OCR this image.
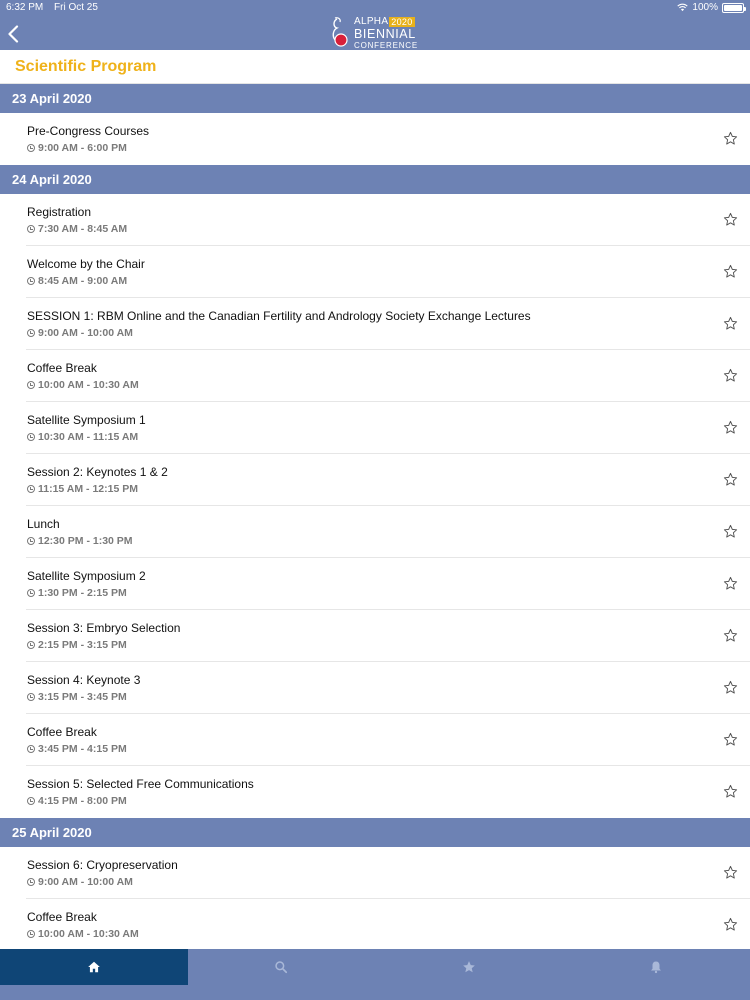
6:32 PM Fri Oct 25	100%
ALPHA 2020
BIENNIAL
CONFERENCE
Scientific Program
23 April 2020
Pre-Congress Courses
9:00 AM - 6:00 PM
24 April 2020
Registration
7:30 AM - 8:45 AM
Welcome by the Chair
8:45 AM - 9:00 AM
SESSION 1: RBM Online and the Canadian Fertility and Andrology Society Exchange Lectures
9:00 AM - 10:00 AM
Coffee Break
10:00 AM - 10:30 AM
Satellite Symposium 1
10:30 AM - 11:15 AM
Session 2: Keynotes 1 & 2
11:15 AM - 12:15 PM
Lunch
12:30 PM - 1:30 PM
Satellite Symposium 2
1:30 PM - 2:15 PM
Session 3: Embryo Selection
2:15 PM - 3:15 PM
Session 4: Keynote 3
3:15 PM - 3:45 PM
Coffee Break
3:45 PM - 4:15 PM
Session 5: Selected Free Communications
4:15 PM - 8:00 PM
25 April 2020
Session 6: Cryopreservation
9:00 AM - 10:00 AM
Coffee Break
10:00 AM - 10:30 AM
